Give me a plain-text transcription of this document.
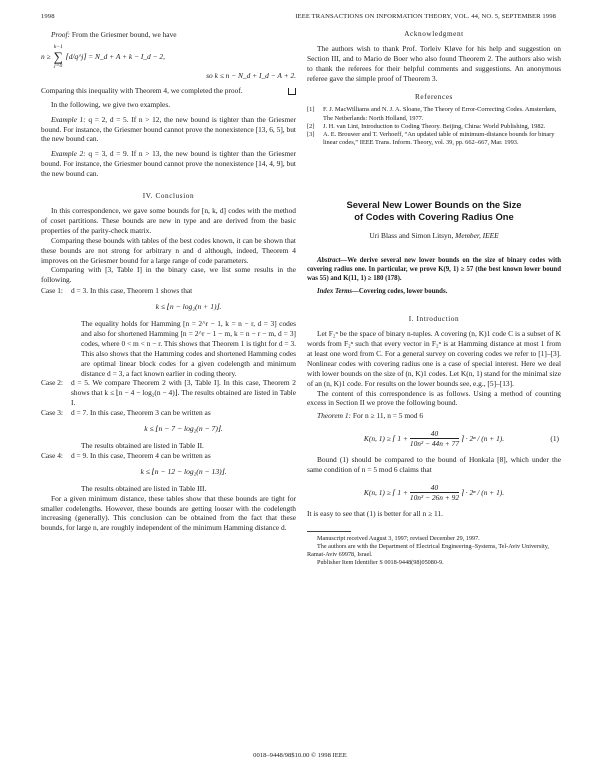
1998	IEEE TRANSACTIONS ON INFORMATION THEORY, VOL. 44, NO. 5, SEPTEMBER 1998

Proof: From the Griesmer bound, we have

n ≥
k−1
∑
j=0
⌈d/q^j⌉ = N_d + A + k − I_d − 2,

so k ≤ n − N_d + I_d − A + 2.

Comparing this inequality with Theorem 4, we completed the proof.

In the following, we give two examples.

Example 1: q = 2, d = 5. If n > 12, the new bound is tighter than the Griesmer bound. For instance, the Griesmer bound cannot prove the nonexistence [13, 6, 5], but the new bound can.

Example 2: q = 3, d = 9. If n > 13, the new bound is tighter than the Griesmer bound. For instance, the Griesmer bound cannot prove the nonexistence [14, 4, 9], but the new bound can.

IV. Conclusion

In this correspondence, we gave some bounds for [n, k, d] codes with the method of coset partitions. These bounds are new in type and are derived from the basic properties of the parity-check matrix.

Comparing these bounds with tables of the best codes known, it can be shown that these bounds are not strong for arbitrary n and d although, indeed, Theorem 4 improves on the Griesmer bound for a large range of code parameters.

Comparing with [3, Table I] in the binary case, we list some results in the following.

Case 1:	d = 3. In this case, Theorem 1 shows that

k ≤ ⌊n − log₂(n + 1)⌋.

The equality holds for Hamming [n = 2^r − 1, k = n − r, d = 3] codes and also for shortened Hamming [n = 2^r − 1 − m, k = n − r − m, d = 3] codes, where 0 < m < n − r. This shows that Theorem 1 is tight for d = 3. This also shows that the Hamming codes and shortened Hamming codes are optimal linear block codes for a given codelength and minimum distance d = 3, a fact known earlier in coding theory.

Case 2:	d = 5. We compare Theorem 2 with [3, Table I]. In this case, Theorem 2 shows that k ≤ ⌊n − 4 − log₂(n − 4)⌋. The results obtained are listed in Table I.

Case 3:	d = 7. In this case, Theorem 3 can be written as

k ≤ ⌊n − 7 − log₂(n − 7)⌋.

The results obtained are listed in Table II.

Case 4:	d = 9. In this case, Theorem 4 can be written as

k ≤ ⌊n − 12 − log₂(n − 13)⌋.

The results obtained are listed in Table III.

For a given minimum distance, these tables show that these bounds are tight for smaller codelengths. However, these bounds are getting looser with the codelength increasing (generally). This conclusion can be obtained from the fact that these bounds, for large n, are roughly independent of the minimum Hamming distance d.

Acknowledgment

The authors wish to thank Prof. Torleiv Kløve for his help and suggestion on Section III, and to Mario de Boer who also found Theorem 2. The authors also wish to thank the referees for their helpful comments and suggestions. An anonymous referee gave the simple proof of Theorem 3.

References

[1]	F. J. MacWilliams and N. J. A. Sloane, The Theory of Error-Correcting Codes. Amsterdam, The Netherlands: North Holland, 1977.
[2]	J. H. van Lint, Introduction to Coding Theory. Beijing, China: World Publishing, 1982.
[3]	A. E. Brouwer and T. Verhoeff, “An updated table of minimum-distance bounds for binary linear codes,” IEEE Trans. Inform. Theory, vol. 39, pp. 662–667, Mar. 1993.

Several New Lower Bounds on the Size

of Codes with Covering Radius One

Uri Blass and Simon Litsyn, Member, IEEE

Abstract—We derive several new lower bounds on the size of binary codes with covering radius one. In particular, we prove K(9, 1) ≥ 57 (the best known lower bound was 55) and K(11, 1) ≥ 180 (178).

Index Terms—Covering codes, lower bounds.

I. Introduction

Let F₂ⁿ be the space of binary n-tuples. A covering (n, K)1 code C is a subset of K words from F₂ⁿ such that every vector in F₂ⁿ is at Hamming distance at most 1 from at least one word from C. For a general survey on covering codes we refer to [1]–[3]. Nonlinear codes with covering radius one is a case of special interest. Here we deal with lower bounds on the size of (n, K)1 codes. Let K(n, 1) stand for the minimal size of an (n, K)1 code. For results on the lower bounds see, e.g., [5]–[13].

The content of this correspondence is as follows. Using a method of counting excess in Section II we prove the following bound.

Theorem 1: For n ≥ 11, n = 5 mod 6

K(n, 1) ≥ ⌈ $1 + \frac{40}{\text{10n² − 44n + 77}}$ ⌉ · 2ⁿ / (n + 1).	(1)

Bound (1) should be compared to the bound of Honkala [8], which under the same condition of n = 5 mod 6 claims that

K(n, 1) ≥ ⌈ $1 + \frac{40}{\text{10n² − 26n + 92}}$ ⌉ · 2ⁿ / (n + 1).

It is easy to see that (1) is better for all n ≥ 11.

Manuscript received August 3, 1997; revised December 29, 1997.

The authors are with the Department of Electrical Engineering–Systems, Tel-Aviv University, Ramat-Aviv 69978, Israel.

Publisher Item Identifier S 0018-9448(98)05080-9.

0018–9448/98$10.00 © 1998 IEEE
